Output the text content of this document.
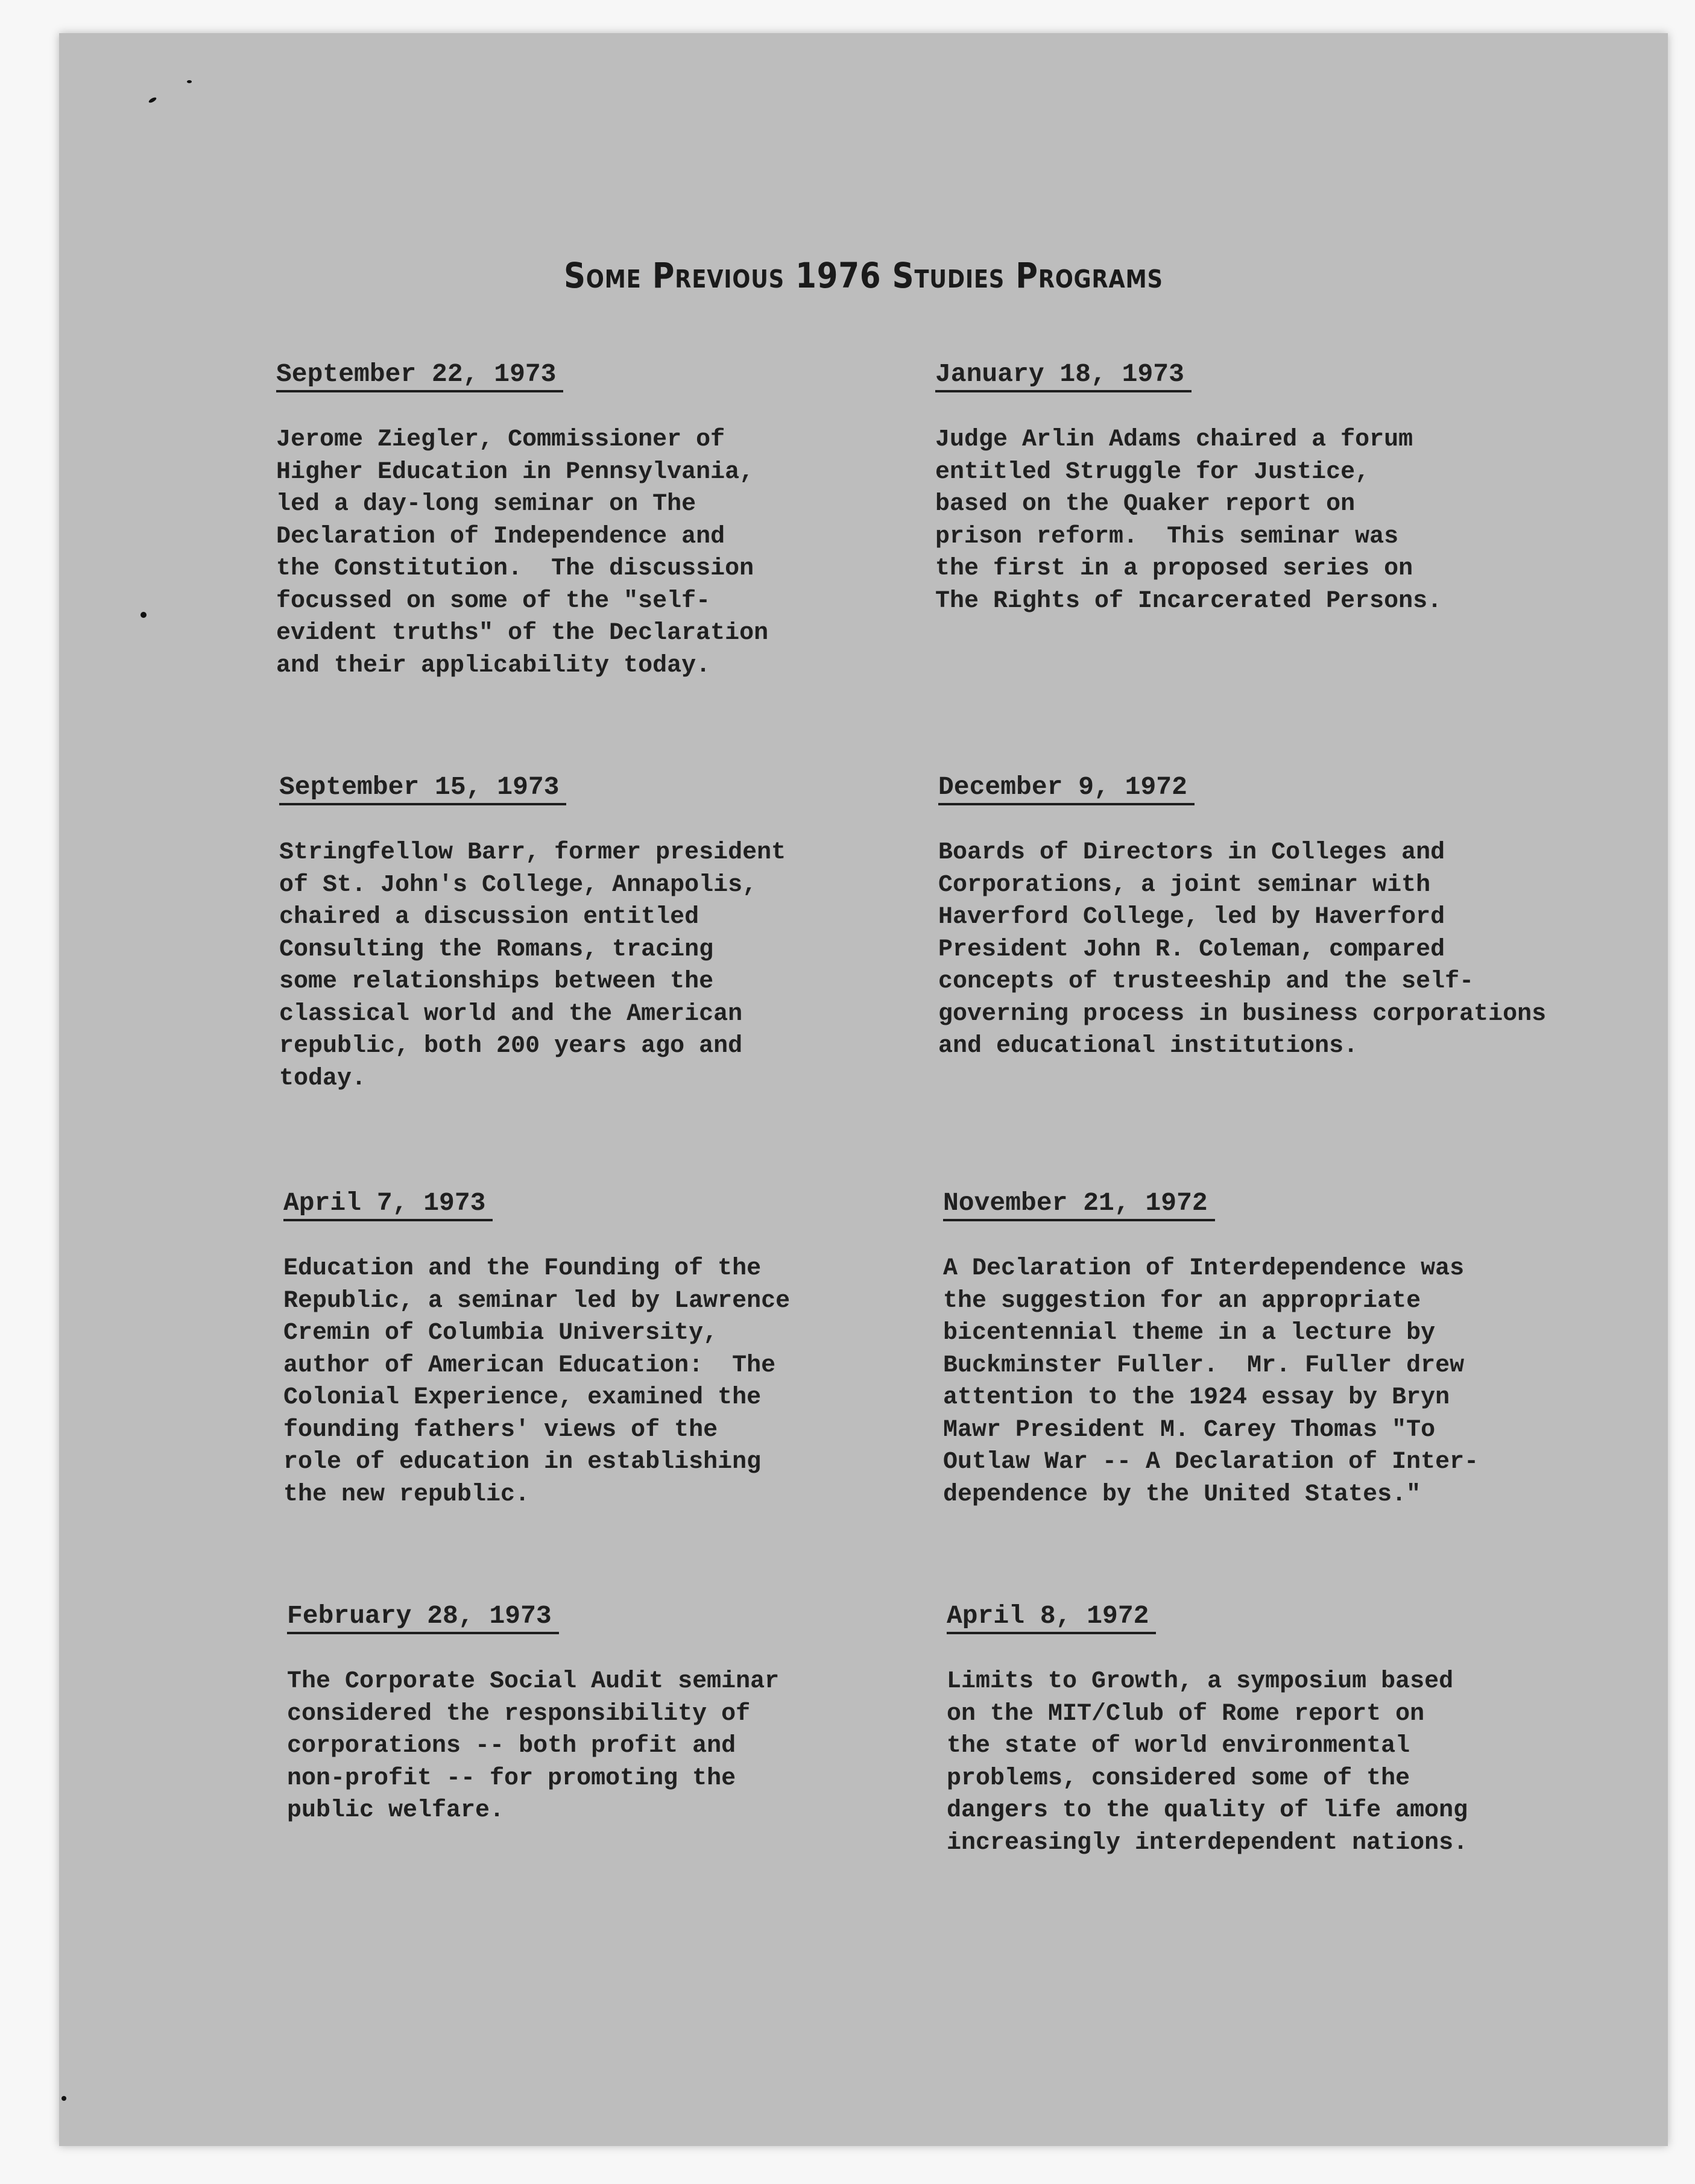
Some Previous 1976 Studies Programs
September 22, 1973
Jerome Ziegler, Commissioner of
Higher Education in Pennsylvania,
led a day-long seminar on The
Declaration of Independence and
the Constitution.  The discussion
focussed on some of the "self-
evident truths" of the Declaration
and their applicability today.
January 18, 1973
Judge Arlin Adams chaired a forum
entitled Struggle for Justice,
based on the Quaker report on
prison reform.  This seminar was
the first in a proposed series on
The Rights of Incarcerated Persons.
September 15, 1973
Stringfellow Barr, former president
of St. John's College, Annapolis,
chaired a discussion entitled
Consulting the Romans, tracing
some relationships between the
classical world and the American
republic, both 200 years ago and
today.
December 9, 1972
Boards of Directors in Colleges and
Corporations, a joint seminar with
Haverford College, led by Haverford
President John R. Coleman, compared
concepts of trusteeship and the self-
governing process in business corporations
and educational institutions.
April 7, 1973
Education and the Founding of the
Republic, a seminar led by Lawrence
Cremin of Columbia University,
author of American Education:  The
Colonial Experience, examined the
founding fathers' views of the
role of education in establishing
the new republic.
November 21, 1972
A Declaration of Interdependence was
the suggestion for an appropriate
bicentennial theme in a lecture by
Buckminster Fuller.  Mr. Fuller drew
attention to the 1924 essay by Bryn
Mawr President M. Carey Thomas "To
Outlaw War -- A Declaration of Inter-
dependence by the United States."
February 28, 1973
The Corporate Social Audit seminar
considered the responsibility of
corporations -- both profit and
non-profit -- for promoting the
public welfare.
April 8, 1972
Limits to Growth, a symposium based
on the MIT/Club of Rome report on
the state of world environmental
problems, considered some of the
dangers to the quality of life among
increasingly interdependent nations.
